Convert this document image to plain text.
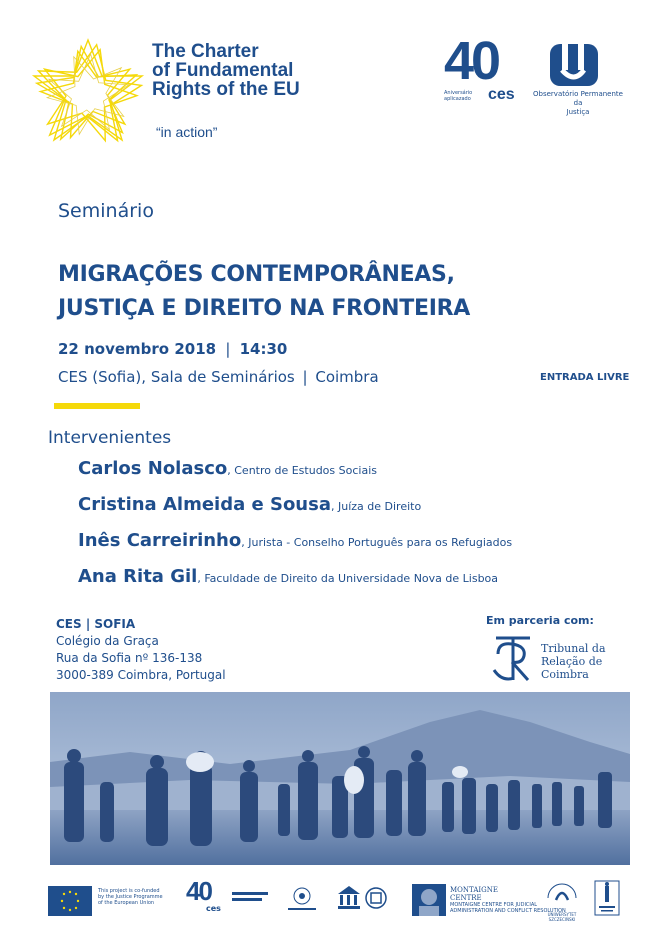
The Charter
of Fundamental
Rights of the EU
“in action”
40
Aniversário aplicazado	ces	Observatório Permanente da
Justiça
Seminário
MIGRAÇÕES CONTEMPORÂNEAS,
JUSTIÇA E DIREITO NA FRONTEIRA
22 novembro 2018 | 14:30
CES (Sofia), Sala de Seminários | Coimbra	ENTRADA LIVRE
Intervenientes
Carlos Nolasco, Centro de Estudos Sociais
Cristina Almeida e Sousa, Juíza de Direito
Inês Carreirinho, Jurista - Conselho Português para os Refugiados
Ana Rita Gil, Faculdade de Direito da Universidade Nova de Lisboa
CES | SOFIA
Colégio da Graça
Rua da Sofia nº 136-138
3000-389 Coimbra, Portugal
Em parceria com:
Tribunal da
Relação de
Coimbra
This project is co-funded
by the Justice Programme
of the European Union	40
ces
MONTAIGNE
CENTRE
MONTAIGNE CENTRE FOR JUDICIAL
ADMINISTRATION AND CONFLICT RESOLUTION
UNIWERSYTET SZCZECIŃSKI
